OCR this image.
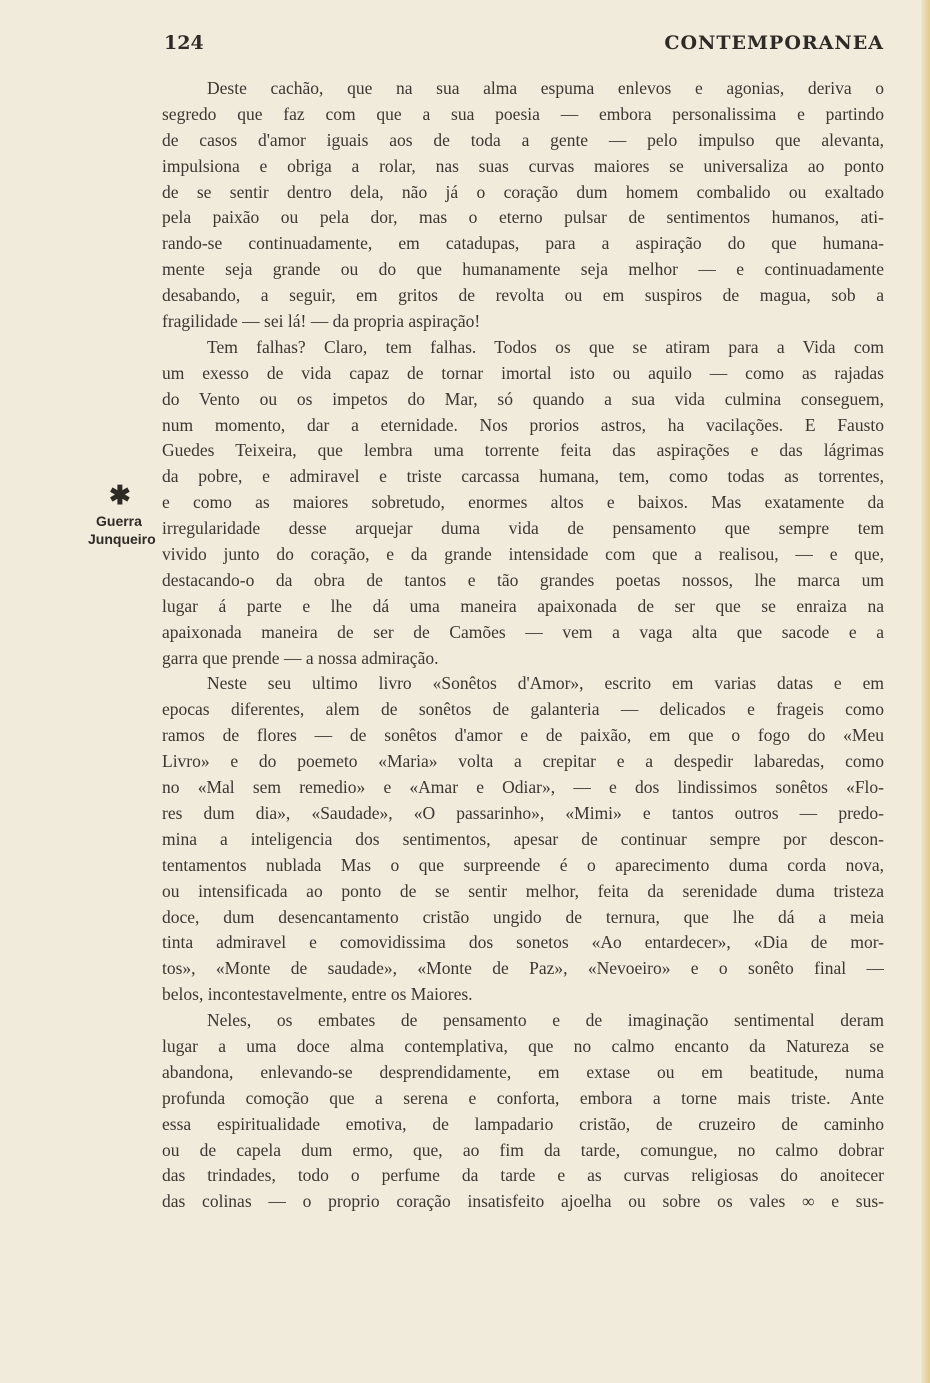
124	CONTEMPORANEA
✱
Guerra
Junqueiro
Deste cachão, que na sua alma espuma enlevos e agonias, deriva o
segredo que faz com que a sua poesia — embora personalissima e partindo
de casos d'amor iguais aos de toda a gente — pelo impulso que alevanta,
impulsiona e obriga a rolar, nas suas curvas maiores se universaliza ao ponto
de se sentir dentro dela, não já o coração dum homem combalido ou exaltado
pela paixão ou pela dor, mas o eterno pulsar de sentimentos humanos, ati-
rando-se continuadamente, em catadupas, para a aspiração do que humana-
mente seja grande ou do que humanamente seja melhor — e continuadamente
desabando, a seguir, em gritos de revolta ou em suspiros de magua, sob a
fragilidade — sei lá! — da propria aspiração!
Tem falhas? Claro, tem falhas. Todos os que se atiram para a Vida com
um exesso de vida capaz de tornar imortal isto ou aquilo — como as rajadas
do Vento ou os impetos do Mar, só quando a sua vida culmina conseguem,
num momento, dar a eternidade. Nos prorios astros, ha vacilações. E Fausto
Guedes Teixeira, que lembra uma torrente feita das aspirações e das lágrimas
da pobre, e admiravel e triste carcassa humana, tem, como todas as torrentes,
e como as maiores sobretudo, enormes altos e baixos. Mas exatamente da
irregularidade desse arquejar duma vida de pensamento que sempre tem
vivido junto do coração, e da grande intensidade com que a realisou, — e que,
destacando-o da obra de tantos e tão grandes poetas nossos, lhe marca um
lugar á parte e lhe dá uma maneira apaixonada de ser que se enraiza na
apaixonada maneira de ser de Camões — vem a vaga alta que sacode e a
garra que prende — a nossa admiração.
Neste seu ultimo livro «Sonêtos d'Amor», escrito em varias datas e em
epocas diferentes, alem de sonêtos de galanteria — delicados e frageis como
ramos de flores — de sonêtos d'amor e de paixão, em que o fogo do «Meu
Livro» e do poemeto «Maria» volta a crepitar e a despedir labaredas, como
no «Mal sem remedio» e «Amar e Odiar», — e dos lindissimos sonêtos «Flo-
res dum dia», «Saudade», «O passarinho», «Mimi» e tantos outros — predo-
mina a inteligencia dos sentimentos, apesar de continuar sempre por descon-
tentamentos nublada Mas o que surpreende é o aparecimento duma corda nova,
ou intensificada ao ponto de se sentir melhor, feita da serenidade duma tristeza
doce, dum desencantamento cristão ungido de ternura, que lhe dá a meia
tinta admiravel e comovidissima dos sonetos «Ao entardecer», «Dia de mor-
tos», «Monte de saudade», «Monte de Paz», «Nevoeiro» e o sonêto final —
belos, incontestavelmente, entre os Maiores.
Neles, os embates de pensamento e de imaginação sentimental deram
lugar a uma doce alma contemplativa, que no calmo encanto da Natureza se
abandona, enlevando-se desprendidamente, em extase ou em beatitude, numa
profunda comoção que a serena e conforta, embora a torne mais triste. Ante
essa espiritualidade emotiva, de lampadario cristão, de cruzeiro de caminho
ou de capela dum ermo, que, ao fim da tarde, comungue, no calmo dobrar
das trindades, todo o perfume da tarde e as curvas religiosas do anoitecer
das colinas — o proprio coração insatisfeito ajoelha ou sobre os vales ∞ e sus-
